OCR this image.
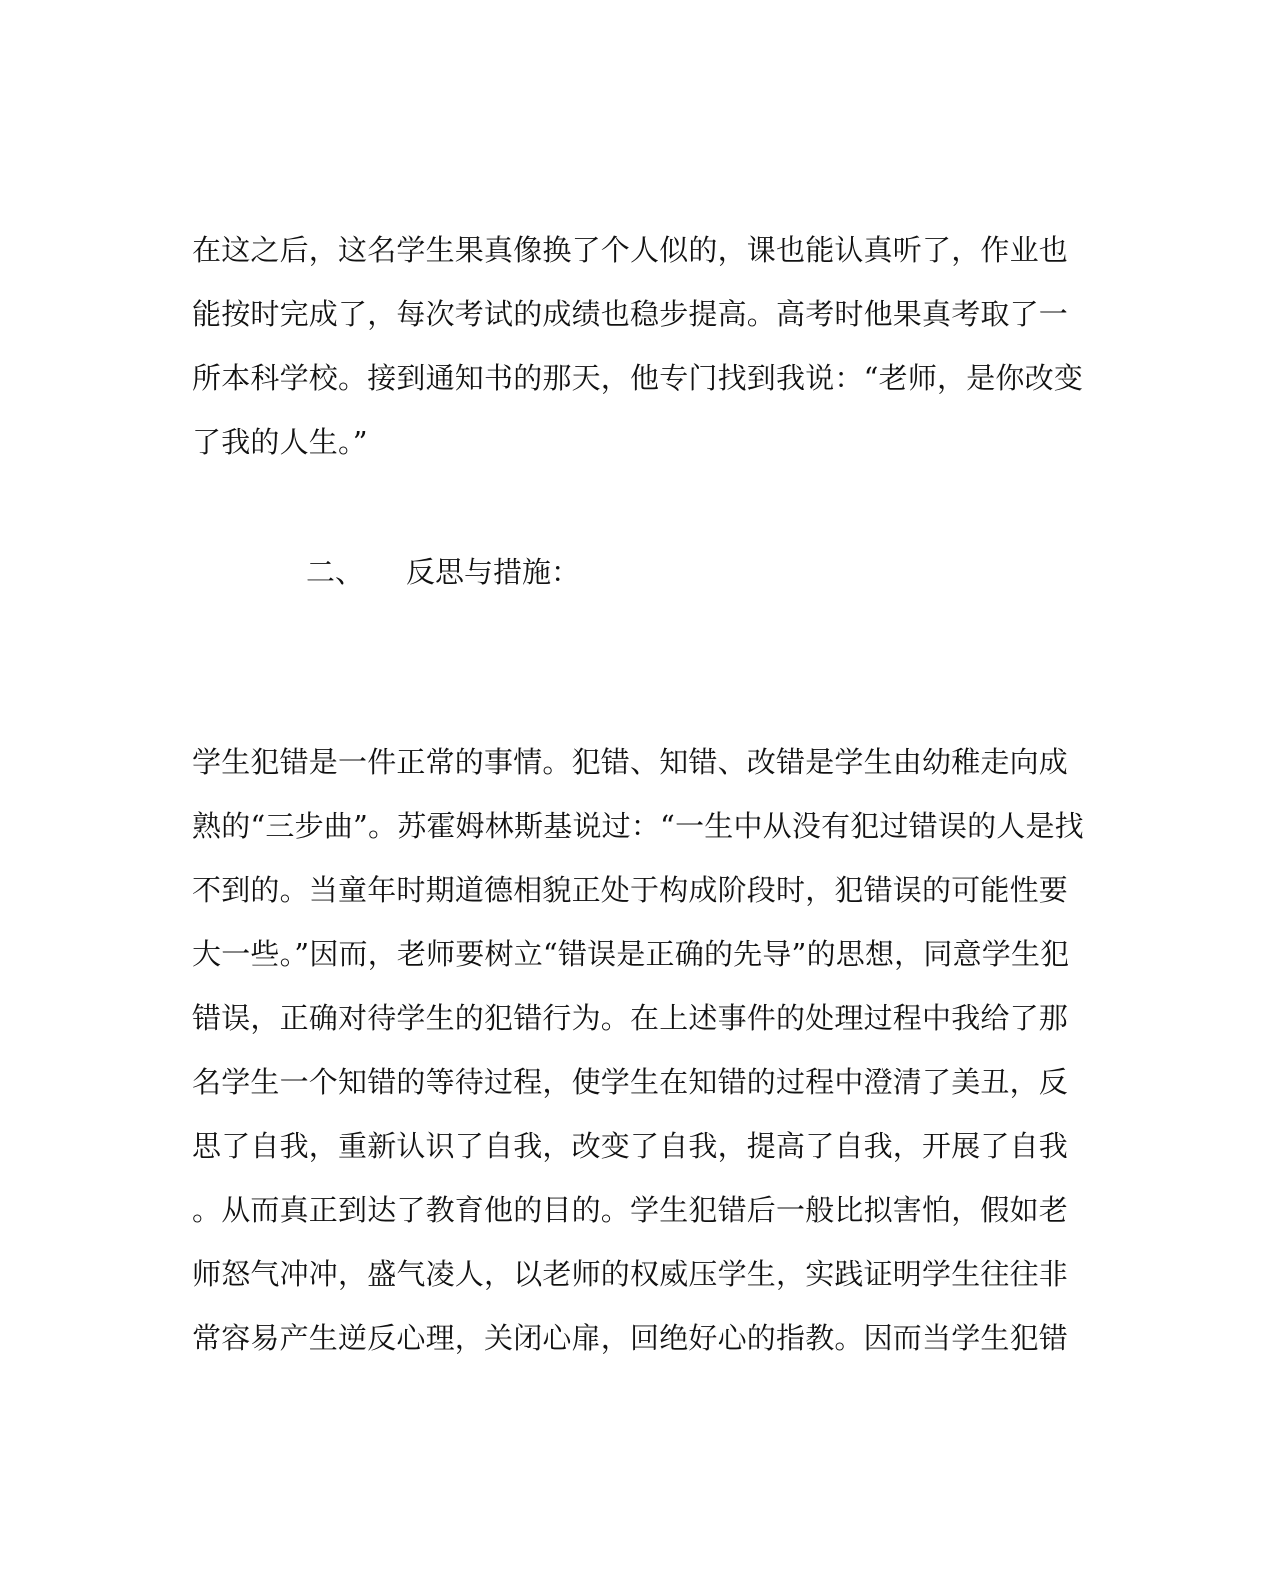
在这之后，这名学生果真像换了个人似的，课也能认真听了，作业也
能按时完成了，每次考试的成绩也稳步提高。高考时他果真考取了一
所本科学校。接到通知书的那天，他专门找到我说：“老师，是你改变
了我的人生。”
二、 反思与措施：
学生犯错是一件正常的事情。犯错、知错、改错是学生由幼稚走向成
熟的“三步曲”。苏霍姆林斯基说过：“一生中从没有犯过错误的人是找
不到的。当童年时期道德相貌正处于构成阶段时，犯错误的可能性要
大一些。”因而，老师要树立“错误是正确的先导”的思想，同意学生犯
错误，正确对待学生的犯错行为。在上述事件的处理过程中我给了那
名学生一个知错的等待过程，使学生在知错的过程中澄清了美丑，反
思了自我，重新认识了自我，改变了自我，提高了自我，开展了自我
。从而真正到达了教育他的目的。学生犯错后一般比拟害怕，假如老
师怒气冲冲，盛气凌人，以老师的权威压学生，实践证明学生往往非
常容易产生逆反心理，关闭心扉，回绝好心的指教。因而当学生犯错
